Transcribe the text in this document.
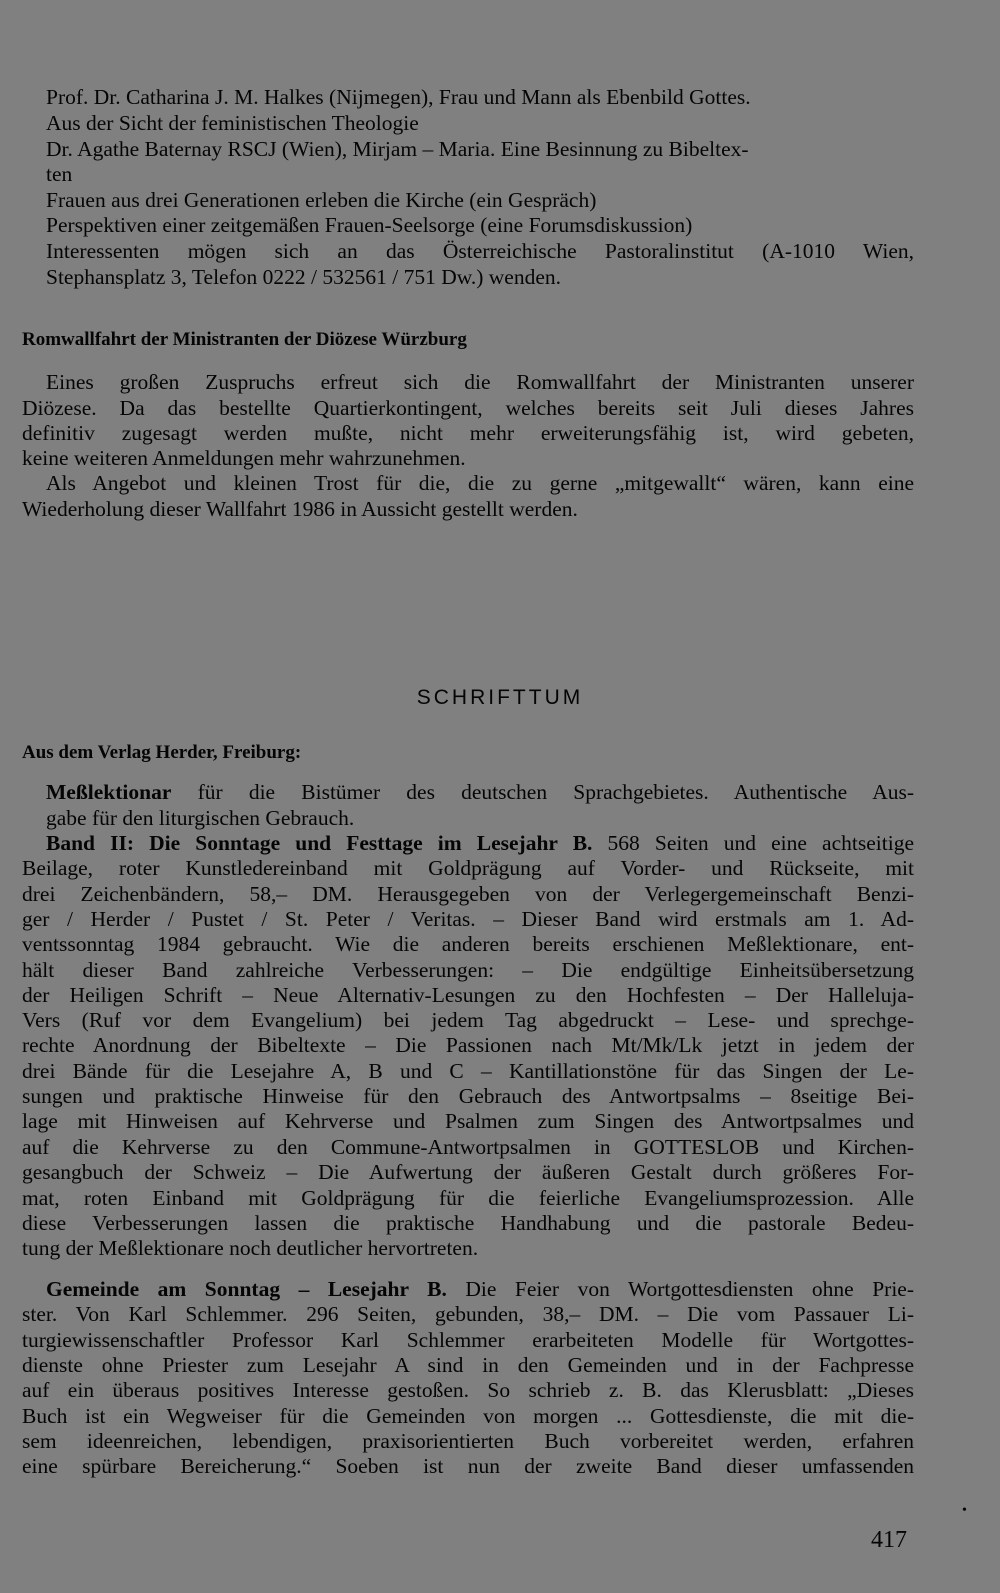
Prof. Dr. Catharina J. M. Halkes (Nijmegen), Frau und Mann als Ebenbild Gottes.
Aus der Sicht der feministischen Theologie
Dr. Agathe Baternay RSCJ (Wien), Mirjam – Maria. Eine Besinnung zu Bibeltex-
ten
Frauen aus drei Generationen erleben die Kirche (ein Gespräch)
Perspektiven einer zeitgemäßen Frauen-Seelsorge (eine Forumsdiskussion)
Interessenten mögen sich an das Österreichische Pastoralinstitut (A-1010 Wien,
Stephansplatz 3, Telefon 0222 / 532561 / 751 Dw.) wenden.
Romwallfahrt der Ministranten der Diözese Würzburg
Eines großen Zuspruchs erfreut sich die Romwallfahrt der Ministranten unserer
Diözese. Da das bestellte Quartierkontingent, welches bereits seit Juli dieses Jahres
definitiv zugesagt werden mußte, nicht mehr erweiterungsfähig ist, wird gebeten,
keine weiteren Anmeldungen mehr wahrzunehmen.
Als Angebot und kleinen Trost für die, die zu gerne „mitgewallt“ wären, kann eine
Wiederholung dieser Wallfahrt 1986 in Aussicht gestellt werden.
SCHRIFTTUM
Aus dem Verlag Herder, Freiburg:
Meßlektionar für die Bistümer des deutschen Sprachgebietes. Authentische Aus-
gabe für den liturgischen Gebrauch.
Band II: Die Sonntage und Festtage im Lesejahr B. 568 Seiten und eine achtseitige
Beilage, roter Kunstledereinband mit Goldprägung auf Vorder- und Rückseite, mit
drei Zeichenbändern, 58,– DM. Herausgegeben von der Verlegergemeinschaft Benzi-
ger / Herder / Pustet / St. Peter / Veritas. – Dieser Band wird erstmals am 1. Ad-
ventssonntag 1984 gebraucht. Wie die anderen bereits erschienen Meßlektionare, ent-
hält dieser Band zahlreiche Verbesserungen: – Die endgültige Einheitsübersetzung
der Heiligen Schrift – Neue Alternativ-Lesungen zu den Hochfesten – Der Halleluja-
Vers (Ruf vor dem Evangelium) bei jedem Tag abgedruckt – Lese- und sprechge-
rechte Anordnung der Bibeltexte – Die Passionen nach Mt/Mk/Lk jetzt in jedem der
drei Bände für die Lesejahre A, B und C – Kantillationstöne für das Singen der Le-
sungen und praktische Hinweise für den Gebrauch des Antwortpsalms – 8seitige Bei-
lage mit Hinweisen auf Kehrverse und Psalmen zum Singen des Antwortpsalmes und
auf die Kehrverse zu den Commune-Antwortpsalmen in GOTTESLOB und Kirchen-
gesangbuch der Schweiz – Die Aufwertung der äußeren Gestalt durch größeres For-
mat, roten Einband mit Goldprägung für die feierliche Evangeliumsprozession. Alle
diese Verbesserungen lassen die praktische Handhabung und die pastorale Bedeu-
tung der Meßlektionare noch deutlicher hervortreten.
Gemeinde am Sonntag – Lesejahr B. Die Feier von Wortgottesdiensten ohne Prie-
ster. Von Karl Schlemmer. 296 Seiten, gebunden, 38,– DM. – Die vom Passauer Li-
turgiewissenschaftler Professor Karl Schlemmer erarbeiteten Modelle für Wortgottes-
dienste ohne Priester zum Lesejahr A sind in den Gemeinden und in der Fachpresse
auf ein überaus positives Interesse gestoßen. So schrieb z. B. das Klerusblatt: „Dieses
Buch ist ein Wegweiser für die Gemeinden von morgen ... Gottesdienste, die mit die-
sem ideenreichen, lebendigen, praxisorientierten Buch vorbereitet werden, erfahren
eine spürbare Bereicherung.“ Soeben ist nun der zweite Band dieser umfassenden
•
417
